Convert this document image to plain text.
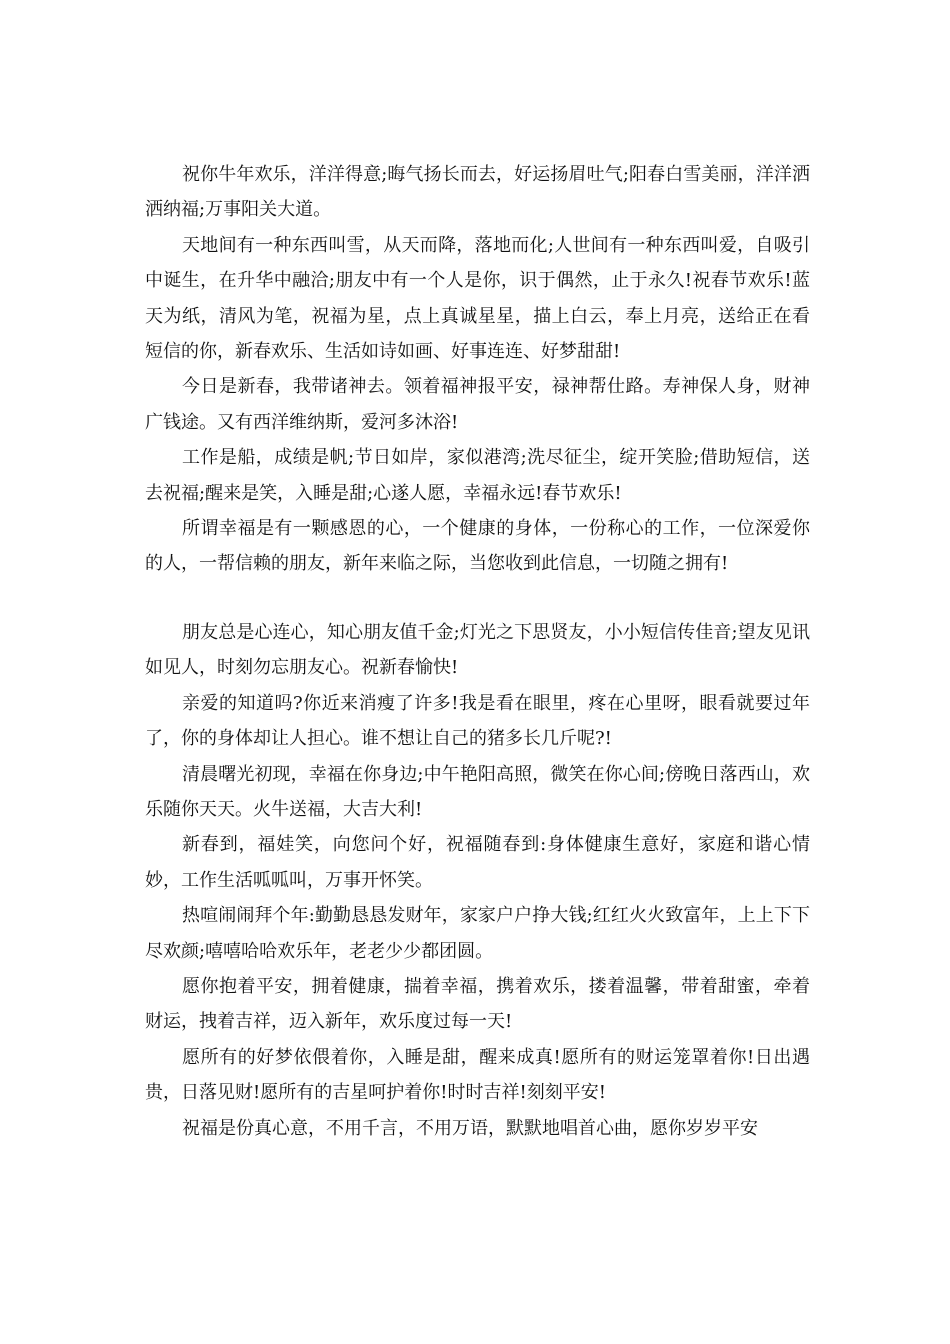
祝你牛年欢乐，洋洋得意;晦气扬长而去，好运扬眉吐气;阳春白雪美丽，洋洋洒洒纳福;万事阳关大道。

天地间有一种东西叫雪，从天而降，落地而化;人世间有一种东西叫爱，自吸引中诞生，在升华中融洽;朋友中有一个人是你，识于偶然，止于永久!祝春节欢乐!蓝天为纸，清风为笔，祝福为星，点上真诚星星，描上白云，奉上月亮，送给正在看短信的你，新春欢乐、生活如诗如画、好事连连、好梦甜甜!

今日是新春，我带诸神去。领着福神报平安，禄神帮仕路。寿神保人身，财神广钱途。又有西洋维纳斯，爱河多沐浴!

工作是船，成绩是帆;节日如岸，家似港湾;洗尽征尘，绽开笑脸;借助短信，送去祝福;醒来是笑，入睡是甜;心遂人愿，幸福永远!春节欢乐!

所谓幸福是有一颗感恩的心，一个健康的身体，一份称心的工作，一位深爱你的人，一帮信赖的朋友，新年来临之际，当您收到此信息，一切随之拥有!

朋友总是心连心，知心朋友值千金;灯光之下思贤友，小小短信传佳音;望友见讯如见人，时刻勿忘朋友心。祝新春愉快!

亲爱的知道吗?你近来消瘦了许多!我是看在眼里，疼在心里呀，眼看就要过年了，你的身体却让人担心。谁不想让自己的猪多长几斤呢?!

清晨曙光初现，幸福在你身边;中午艳阳高照，微笑在你心间;傍晚日落西山，欢乐随你天天。火牛送福，大吉大利!

新春到，福娃笑，向您问个好，祝福随春到:身体健康生意好，家庭和谐心情妙，工作生活呱呱叫，万事开怀笑。

热喧闹闹拜个年:勤勤恳恳发财年，家家户户挣大钱;红红火火致富年，上上下下尽欢颜;嘻嘻哈哈欢乐年，老老少少都团圆。

愿你抱着平安，拥着健康，揣着幸福，携着欢乐，搂着温馨，带着甜蜜，牵着财运，拽着吉祥，迈入新年，欢乐度过每一天!

愿所有的好梦依偎着你，入睡是甜，醒来成真!愿所有的财运笼罩着你!日出遇贵，日落见财!愿所有的吉星呵护着你!时时吉祥!刻刻平安!

祝福是份真心意，不用千言，不用万语，默默地唱首心曲，愿你岁岁平安
